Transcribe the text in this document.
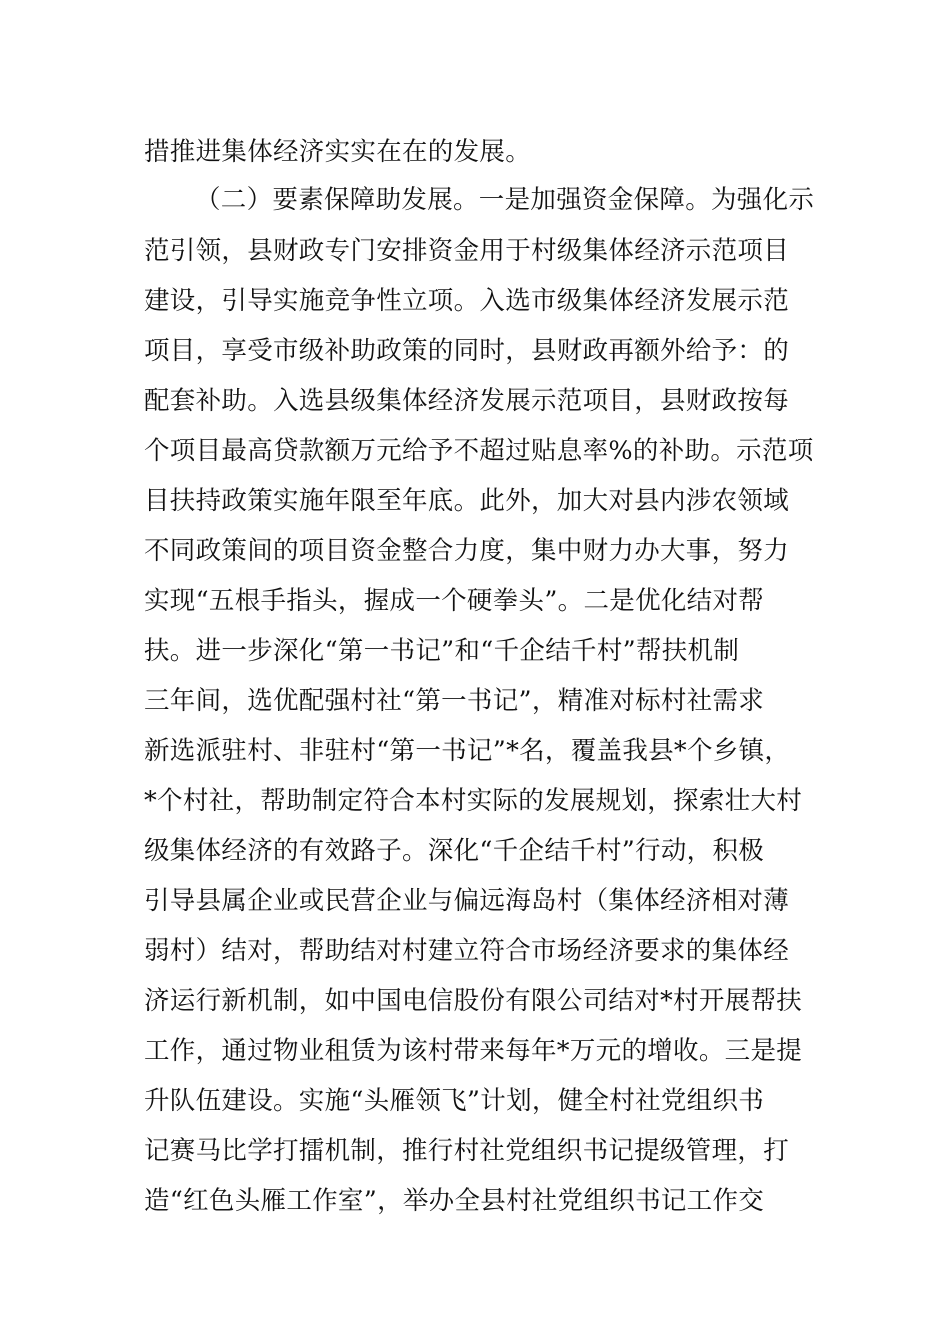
措推进集体经济实实在在的发展。
（二）要素保障助发展。一是加强资金保障。为强化示
范引领，县财政专门安排资金用于村级集体经济示范项目
建设，引导实施竞争性立项。入选市级集体经济发展示范
项目，享受市级补助政策的同时，县财政再额外给予：的
配套补助。入选县级集体经济发展示范项目，县财政按每
个项目最高贷款额万元给予不超过贴息率%的补助。示范项
目扶持政策实施年限至年底。此外，加大对县内涉农领域
不同政策间的项目资金整合力度，集中财力办大事，努力
实现“五根手指头，握成一个硬拳头”。二是优化结对帮
扶。进一步深化“第一书记”和“千企结千村”帮扶机制
三年间，选优配强村社“第一书记”，精准对标村社需求
新选派驻村、非驻村“第一书记”*名，覆盖我县*个乡镇，
*个村社，帮助制定符合本村实际的发展规划，探索壮大村
级集体经济的有效路子。深化“千企结千村”行动，积极
引导县属企业或民营企业与偏远海岛村（集体经济相对薄
弱村）结对，帮助结对村建立符合市场经济要求的集体经
济运行新机制，如中国电信股份有限公司结对*村开展帮扶
工作，通过物业租赁为该村带来每年*万元的增收。三是提
升队伍建设。实施“头雁领飞”计划，健全村社党组织书
记赛马比学打擂机制，推行村社党组织书记提级管理，打
造“红色头雁工作室”，举办全县村社党组织书记工作交
